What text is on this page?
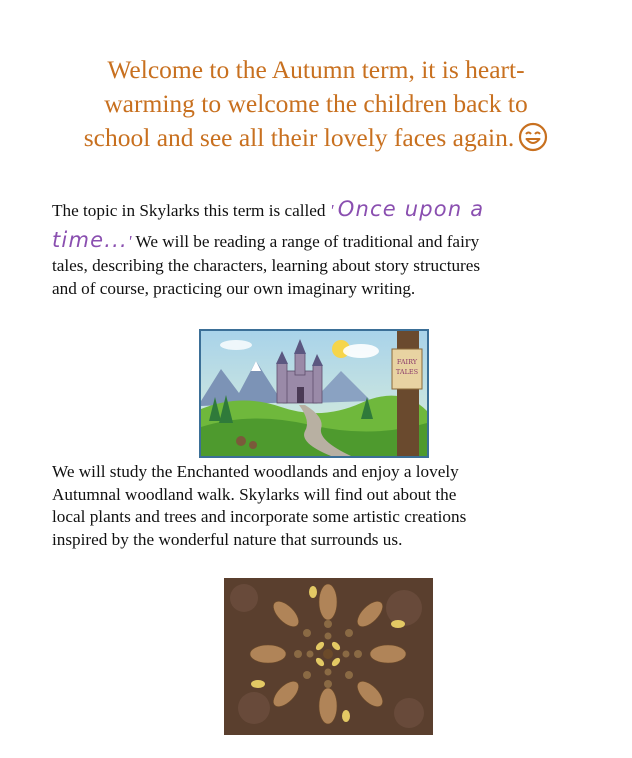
Welcome to the Autumn term, it is heart-
warming to welcome the children back to
school and see all their lovely faces again.
The topic in Skylarks this term is called ' Once upon a
time...' We will be reading a range of traditional and fairy
tales, describing the characters, learning about story structures
and of course, practicing our own imaginary writing.
FAIRY
TALES
We will study the Enchanted woodlands and enjoy a lovely
Autumnal woodland walk. Skylarks will find out about the
local plants and trees and incorporate some artistic creations
inspired by the wonderful nature that surrounds us.
